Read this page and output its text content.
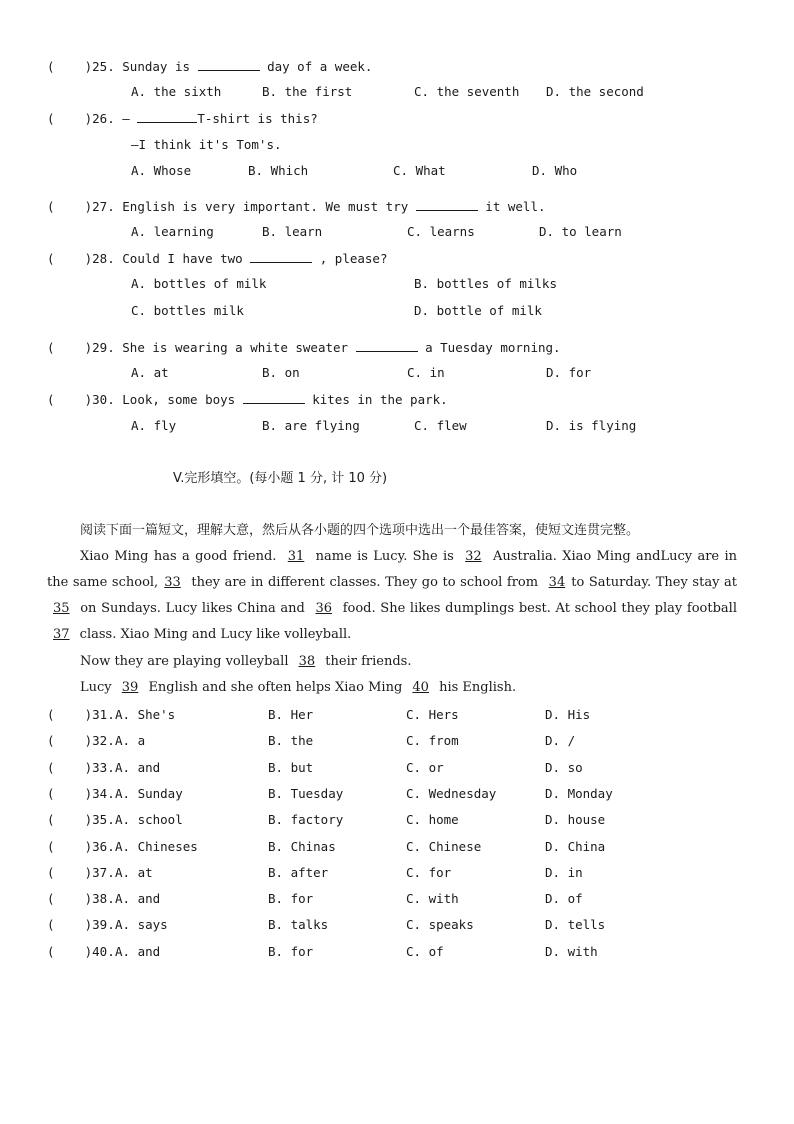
(    )25. Sunday is	day of a week.
A. the sixth	B. the first	C. the seventh D. the second
(    )26. —	T-shirt is this?
—I think it's Tom's.
A. Whose	B. Which	C. What	D. Who
(    )27. English is very important. We must try	it well.
A. learning	B. learn	C. learns	D. to learn
(    )28. Could I have two	, please?
A. bottles of milk	B. bottles of milks
C. bottles milk	D. bottle of milk
(    )29. She is wearing a white sweater	a Tuesday morning.
A. at	B. on	C. in	D. for
(    )30. Look, some boys	kites in the park.
A. fly	B. are flying	C. flew	D. is flying
V.完形填空。(每小题 1 分, 计 10 分)
阅读下面一篇短文，理解大意，然后从各小题的四个选项中选出一个最佳答案，使短文连贯完整。
Xiao Ming has a good friend. 31 name is Lucy. She is 32 Australia. Xiao Ming andLucy are in the same school, 33 they are in different classes. They go to school from 34 to Saturday. They stay at 35 on Sundays. Lucy likes China and 36 food. She likes dumplings best. At school they play football 37 class. Xiao Ming and Lucy like volleyball.
Now they are playing volleyball 38 their friends.
Lucy 39 English and she often helps Xiao Ming 40 his English.
(    )31. A. She's	B. Her	C. Hers	D. His
(    )32. A. a	B. the	C. from	D. /
(    )33. A. and	B. but	C. or	D. so
(    )34. A. Sunday	B. Tuesday	C. Wednesday	D. Monday
(    )35. A. school	B. factory	C. home	D. house
(    )36. A. Chineses	B. Chinas	C. Chinese	D. China
(    )37. A. at	B. after	C. for	D. in
(    )38. A. and	B. for	C. with	D. of
(    )39. A. says	B. talks	C. speaks	D. tells
(    )40. A. and	B. for	C. of	D. with
